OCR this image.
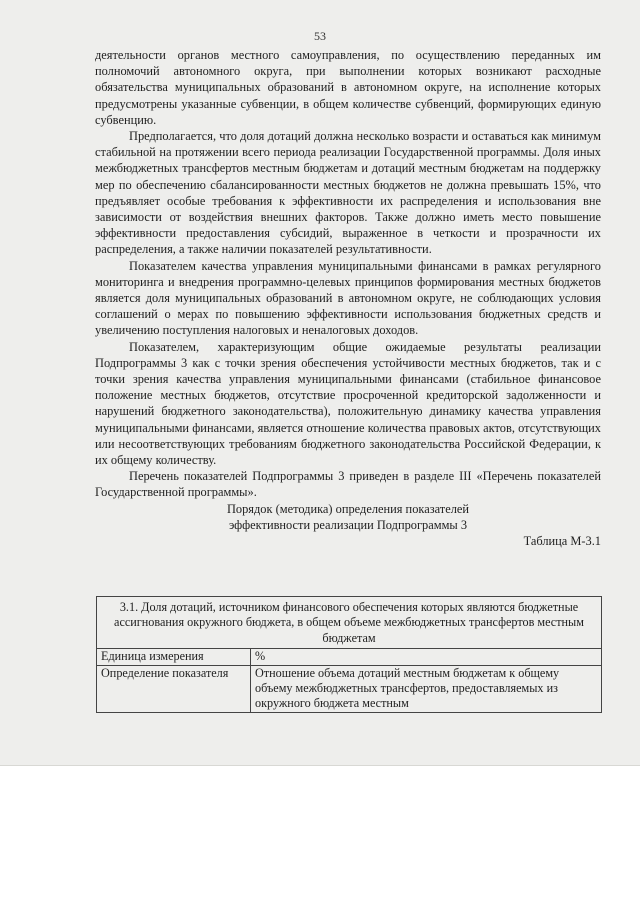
53

деятельности органов местного самоуправления, по осуществлению переданных им полномочий автономного округа, при выполнении которых возникают расходные обязательства муниципальных образований в автономном округе, на исполнение которых предусмотрены указанные субвенции, в общем количестве субвенций, формирующих единую субвенцию.

Предполагается, что доля дотаций должна несколько возрасти и оставаться как минимум стабильной на протяжении всего периода реализации Государственной программы. Доля иных межбюджетных трансфертов местным бюджетам и дотаций местным бюджетам на поддержку мер по обеспечению сбалансированности местных бюджетов не должна превышать 15%, что предъявляет особые требования к эффективности их распределения и использования вне зависимости от воздействия внешних факторов. Также должно иметь место повышение эффективности предоставления субсидий, выраженное в четкости и прозрачности их распределения, а также наличии показателей результативности.

Показателем качества управления муниципальными финансами в рамках регулярного мониторинга и внедрения программно-целевых принципов формирования местных бюджетов является доля муниципальных образований в автономном округе, не соблюдающих условия соглашений о мерах по повышению эффективности использования бюджетных средств и увеличению поступления налоговых и неналоговых доходов.

Показателем, характеризующим общие ожидаемые результаты реализации Подпрограммы 3 как с точки зрения обеспечения устойчивости местных бюджетов, так и с точки зрения качества управления муниципальными финансами (стабильное финансовое положение местных бюджетов, отсутствие просроченной кредиторской задолженности и нарушений бюджетного законодательства), положительную динамику качества управления муниципальными финансами, является отношение количества правовых актов, отсутствующих или несоответствующих требованиям бюджетного законодательства Российской Федерации, к их общему количеству.

Перечень показателей Подпрограммы 3 приведен в разделе III «Перечень показателей Государственной программы».

Порядок (методика) определения показателей
эффективности реализации Подпрограммы 3

Таблица М-3.1

3.1. Доля дотаций, источником финансового обеспечения которых являются бюджетные ассигнования окружного бюджета, в общем объеме межбюджетных трансфертов местным бюджетам
Единица измерения	%
Определение показателя	Отношение объема дотаций местным бюджетам к общему объему межбюджетных трансфертов, предоставляемых из окружного бюджета местным
